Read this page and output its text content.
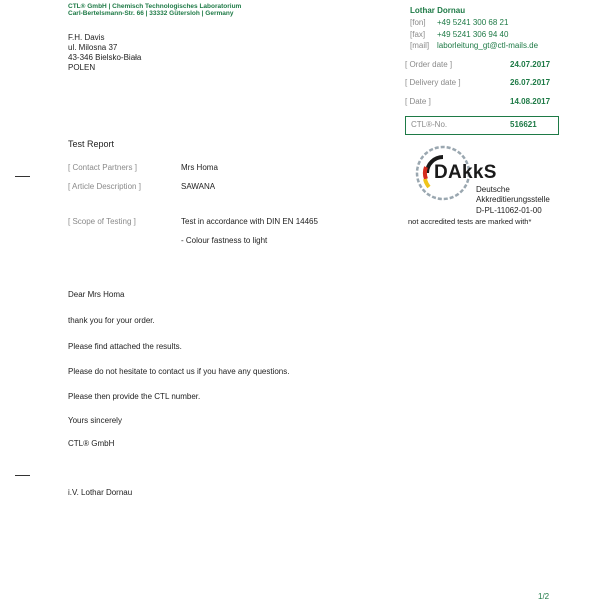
CTL® GmbH | Chemisch Technologisches Laboratorium
Carl-Bertelsmann-Str. 66 | 33332 Gütersloh | Germany
F.H. Davis
ul. Milosna 37
43-346 Bielsko-Biała
POLEN
Lothar Dornau
[fon] +49 5241 300 68 21
[fax] +49 5241 306 94 40
[mail] laborleitung_gt@ctl-mails.de
[ Order date ]	24.07.2017
[ Delivery date ]	26.07.2017
[ Date ]	14.08.2017
CTL®-No.	516621
DAkkS
Deutsche
Akkreditierungsstelle
D-PL-11062-01-00
not accredited tests are marked with*
Test Report
[ Contact Partners ]	Mrs Homa
[ Article Description ]	SAWANA
[ Scope of Testing ]	Test in accordance with DIN EN 14465
- Colour fastness to light
Dear Mrs Homa
thank you for your order.
Please find attached the results.
Please do not hesitate to contact us if you have any questions.
Please then provide the CTL number.
Yours sincerely
CTL® GmbH
i.V. Lothar Dornau
1/2
